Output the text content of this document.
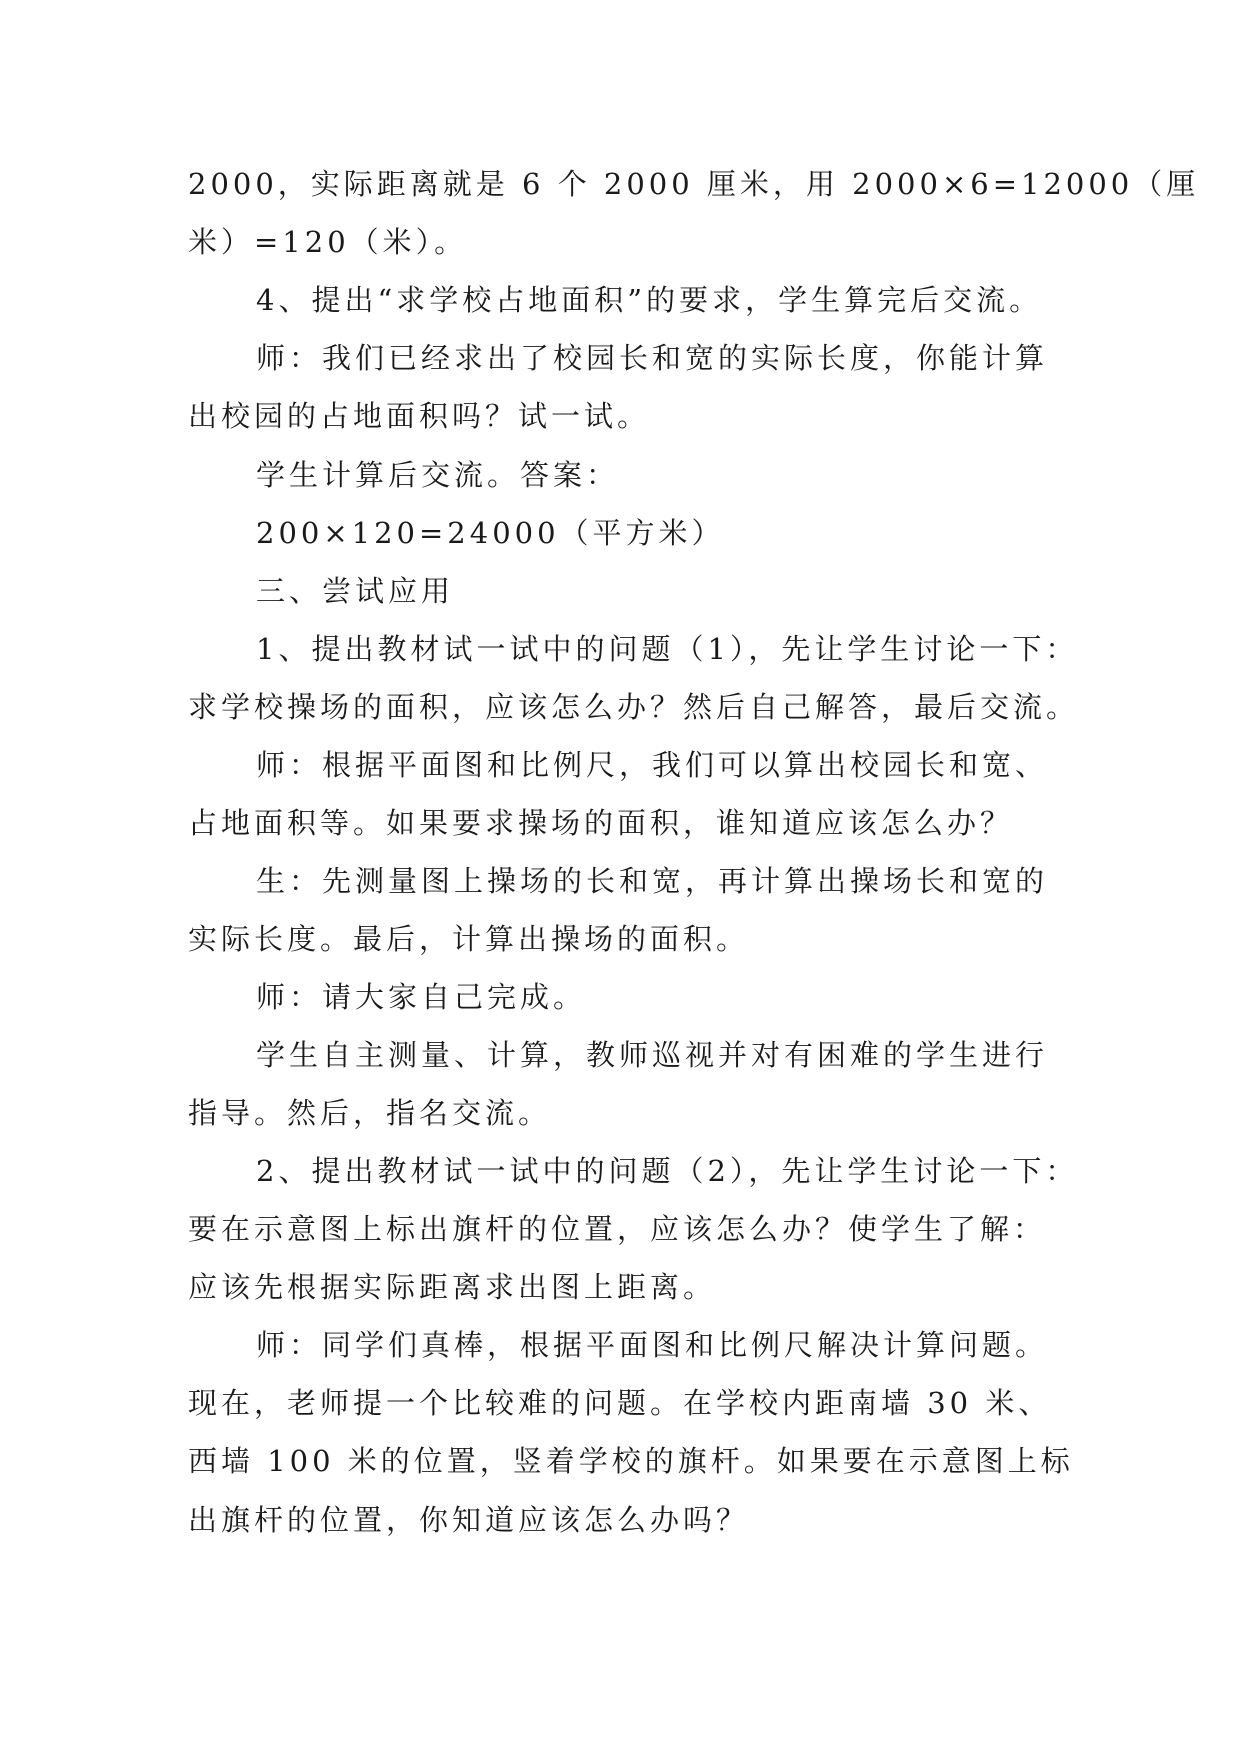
2000，实际距离就是 6 个 2000 厘米，用 2000×6=12000（厘
米）=120（米）。
4、提出“求学校占地面积”的要求，学生算完后交流。
师：我们已经求出了校园长和宽的实际长度，你能计算
出校园的占地面积吗？试一试。
学生计算后交流。答案：
200×120=24000（平方米）
三、尝试应用
1、提出教材试一试中的问题（1），先让学生讨论一下：
求学校操场的面积，应该怎么办？然后自己解答，最后交流。
师：根据平面图和比例尺，我们可以算出校园长和宽、
占地面积等。如果要求操场的面积，谁知道应该怎么办？
生：先测量图上操场的长和宽，再计算出操场长和宽的
实际长度。最后，计算出操场的面积。
师：请大家自己完成。
学生自主测量、计算，教师巡视并对有困难的学生进行
指导。然后，指名交流。
2、提出教材试一试中的问题（2），先让学生讨论一下：
要在示意图上标出旗杆的位置，应该怎么办？使学生了解：
应该先根据实际距离求出图上距离。
师：同学们真棒，根据平面图和比例尺解决计算问题。
现在，老师提一个比较难的问题。在学校内距南墙 30 米、
西墙 100 米的位置，竖着学校的旗杆。如果要在示意图上标
出旗杆的位置，你知道应该怎么办吗？
